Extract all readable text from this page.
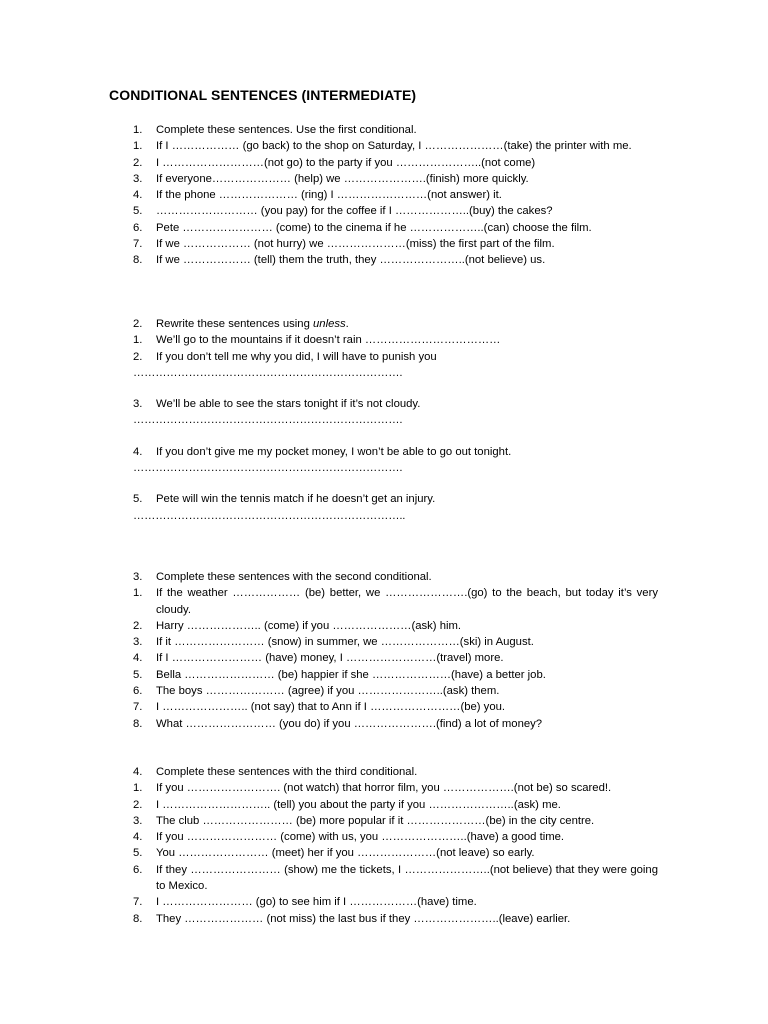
CONDITIONAL SENTENCES (INTERMEDIATE)
1. Complete these sentences. Use the first conditional.
1. If I ……………… (go back) to the shop on Saturday, I …………………(take) the printer with me.
2. I ………………………(not go) to the party if you …………………..(not come)
3. If everyone………………… (help) we ………………….(finish) more quickly.
4. If the phone ………………… (ring) I ……………………(not answer) it.
5. ……………………… (you pay) for the coffee if I ………………..(buy) the cakes?
6. Pete …………………… (come) to the cinema if he ………………..(can) choose the film.
7. If we ……………… (not hurry) we …………………(miss) the first part of the film.
8. If we ……………… (tell) them the truth, they …………………..(not believe) us.
2. Rewrite these sentences using unless.
1. We’ll go to the mountains if it doesn’t rain ………………………………
2. If you don’t tell me why you did, I will have to punish you
……………………………………………………………….
3. We’ll be able to see the stars tonight if it’s not cloudy.
……………………………………………………………….
4. If you don’t give me my pocket money, I won’t be able to go out tonight.
……………………………………………………………….
5. Pete will win the tennis match if he doesn’t get an injury.
………………………………………………………………..
3. Complete these sentences with the second conditional.
1. If the weather ……………… (be) better, we ………………….(go) to the beach, but today it’s very cloudy.
2. Harry ……………….. (come) if you …………………(ask) him.
3. If it …………………… (snow) in summer, we …………………(ski) in August.
4. If I …………………… (have) money, I ……………………(travel) more.
5. Bella …………………… (be) happier if she …………………(have) a better job.
6. The boys ………………… (agree) if you …………………..(ask) them.
7. I ………………….. (not say) that to Ann if I ……………………(be) you.
8. What …………………… (you do) if you ………………….(find) a lot of money?
4. Complete these sentences with the third conditional.
1. If you ……………………. (not watch) that horror film, you ……………….(not be) so scared!.
2. I ……………………….. (tell) you about the party if you …………………..(ask) me.
3. The club …………………… (be) more popular if it …………………(be) in the city centre.
4. If you …………………… (come) with us, you …………………..(have) a good time.
5. You …………………… (meet) her if you …………………(not leave) so early.
6. If they …………………… (show) me the tickets, I …………………..(not believe) that they were going to Mexico.
7. I …………………… (go) to see him if I ………………(have) time.
8. They ………………… (not miss) the last bus if they …………………..(leave) earlier.
